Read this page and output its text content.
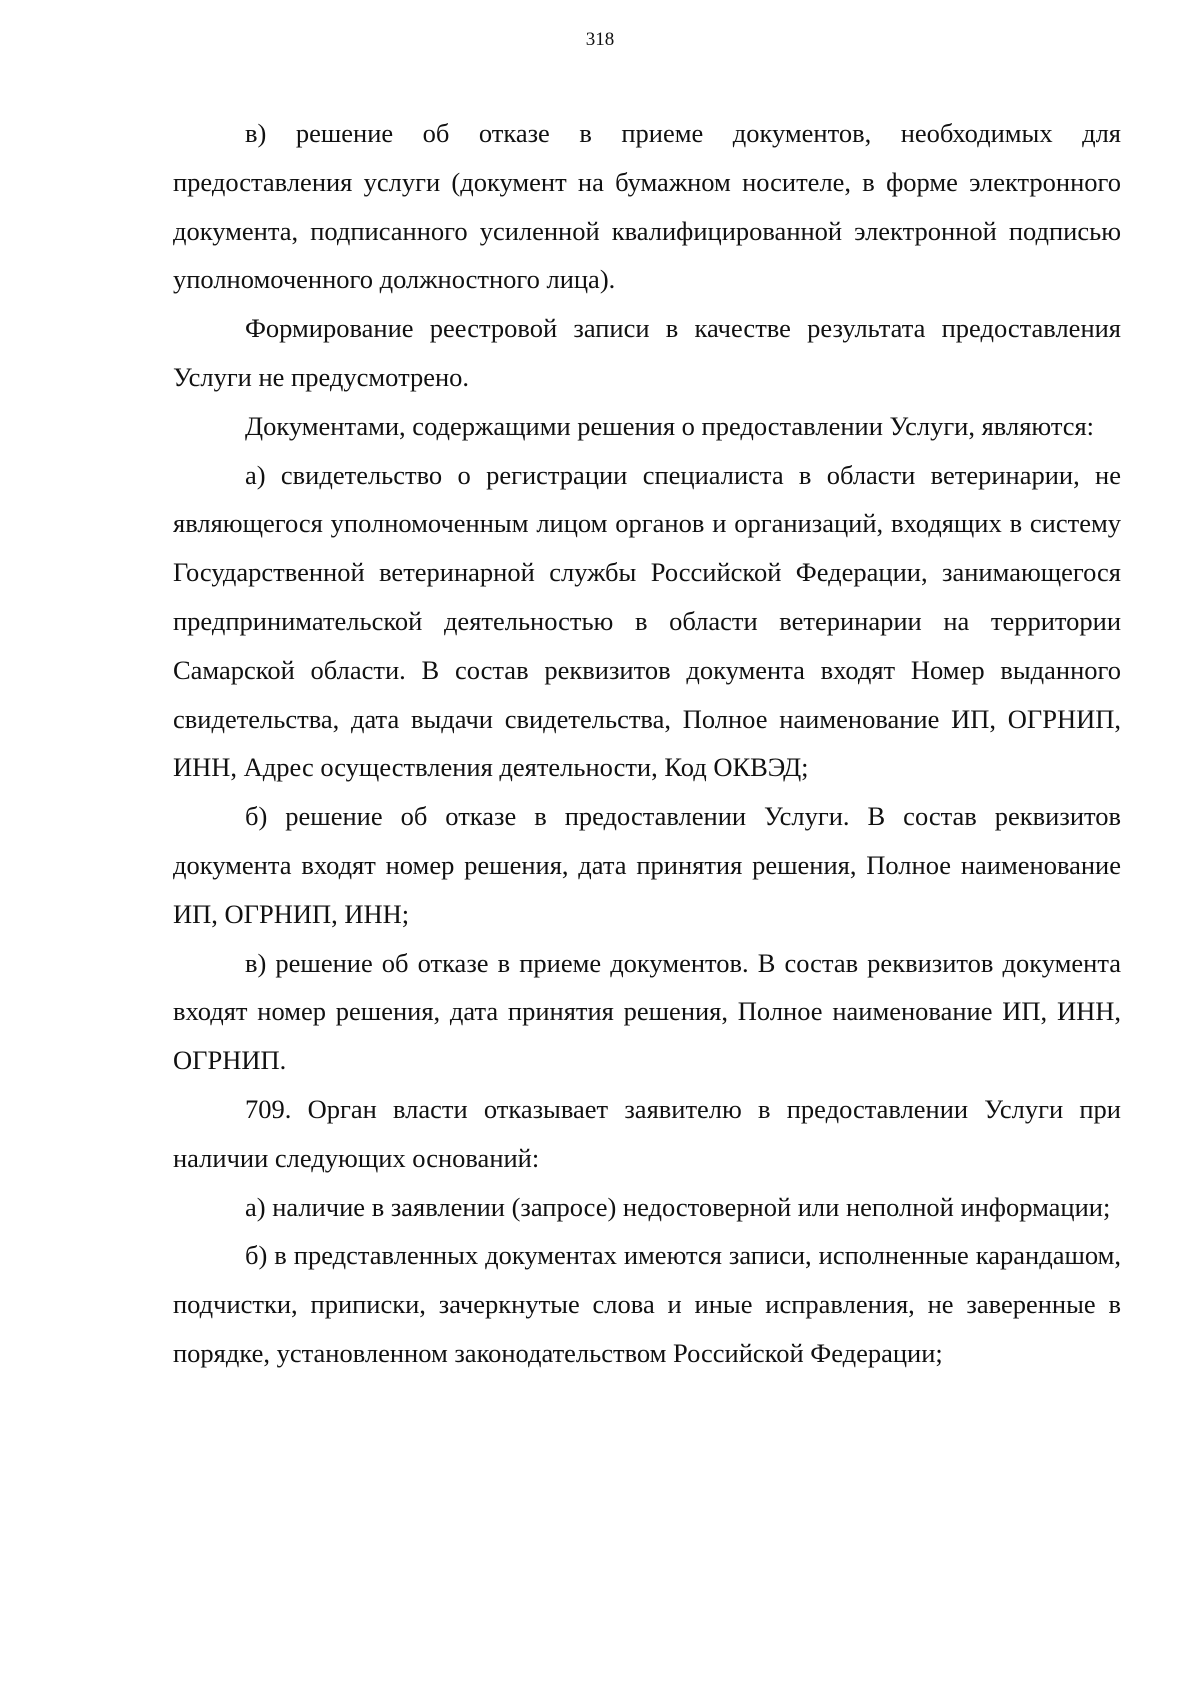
318

в) решение об отказе в приеме документов, необходимых для предоставления услуги (документ на бумажном носителе, в форме электронного документа, подписанного усиленной квалифицированной электронной подписью уполномоченного должностного лица).

Формирование реестровой записи в качестве результата предоставления Услуги не предусмотрено.

Документами, содержащими решения о предоставлении Услуги, являются:

а) свидетельство о регистрации специалиста в области ветеринарии, не являющегося уполномоченным лицом органов и организаций, входящих в систему Государственной ветеринарной службы Российской Федерации, занимающегося предпринимательской деятельностью в области ветеринарии на территории Самарской области. В состав реквизитов документа входят Номер выданного свидетельства, дата выдачи свидетельства, Полное наименование ИП, ОГРНИП, ИНН, Адрес осуществления деятельности, Код ОКВЭД;

б) решение об отказе в предоставлении Услуги. В состав реквизитов документа входят номер решения, дата принятия решения, Полное наименование ИП, ОГРНИП, ИНН;

в) решение об отказе в приеме документов. В состав реквизитов документа входят номер решения, дата принятия решения, Полное наименование ИП, ИНН, ОГРНИП.

709. Орган власти отказывает заявителю в предоставлении Услуги при наличии следующих оснований:

а) наличие в заявлении (запросе) недостоверной или неполной информации;

б) в представленных документах имеются записи, исполненные карандашом, подчистки, приписки, зачеркнутые слова и иные исправления, не заверенные в порядке, установленном законодательством Российской Федерации;
